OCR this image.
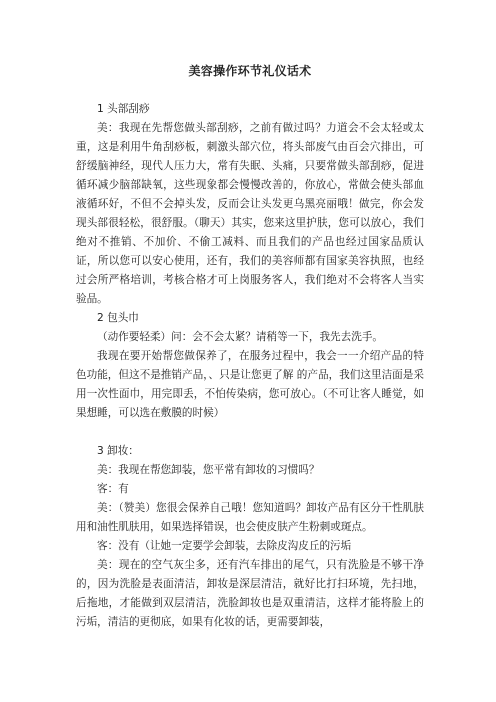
美容操作环节礼仪话术

1 头部刮痧

美：我现在先帮您做头部刮痧，之前有做过吗？力道会不会太轻或太重，这是利用牛角刮痧板，刺激头部穴位，将头部废气由百会穴排出，可舒缓脑神经，现代人压力大，常有失眠、头痛，只要常做头部刮痧，促进循环减少脑部缺氧，这些现象都会慢慢改善的，你放心，常做会使头部血液循环好，不但不会掉头发，反而会让头发更乌黑亮丽哦！做完，你会发现头部很轻松，很舒服。（聊天）其实，您来这里护肤，您可以放心，我们绝对不推销、不加价、不偷工减料、而且我们的产品也经过国家品质认证，所以您可以安心使用，还有，我们的美容师都有国家美容执照，也经过会所严格培训，考核合格才可上岗服务客人，我们绝对不会将客人当实验品。

2 包头巾

（动作要轻柔）问：会不会太紧？请稍等一下，我先去洗手。

我现在要开始帮您做保养了，在服务过程中，我会一一介绍产品的特色功能，但这不是推销产品，、只是让您更了解 的产品，我们这里洁面是采用一次性面巾，用完即丢，不怕传染病，您可放心。（不可让客人睡觉，如果想睡，可以选在敷膜的时候）

3 卸妆：

美：我现在帮您卸装，您平常有卸妆的习惯吗？

客：有

美：（赞美）您很会保养自己哦！您知道吗？卸妆产品有区分干性肌肤用和油性肌肤用，如果选择错误，也会使皮肤产生粉刺或斑点。

客：没有（让她一定要学会卸装，去除皮沟皮丘的污垢

美：现在的空气灰尘多，还有汽车排出的尾气，只有洗脸是不够干净的，因为洗脸是表面清洁，卸妆是深层清洁，就好比打扫环境，先扫地，后拖地，才能做到双层清洁，洗脸卸妆也是双重清洁，这样才能将脸上的污垢，清洁的更彻底，如果有化妆的话，更需要卸装，
